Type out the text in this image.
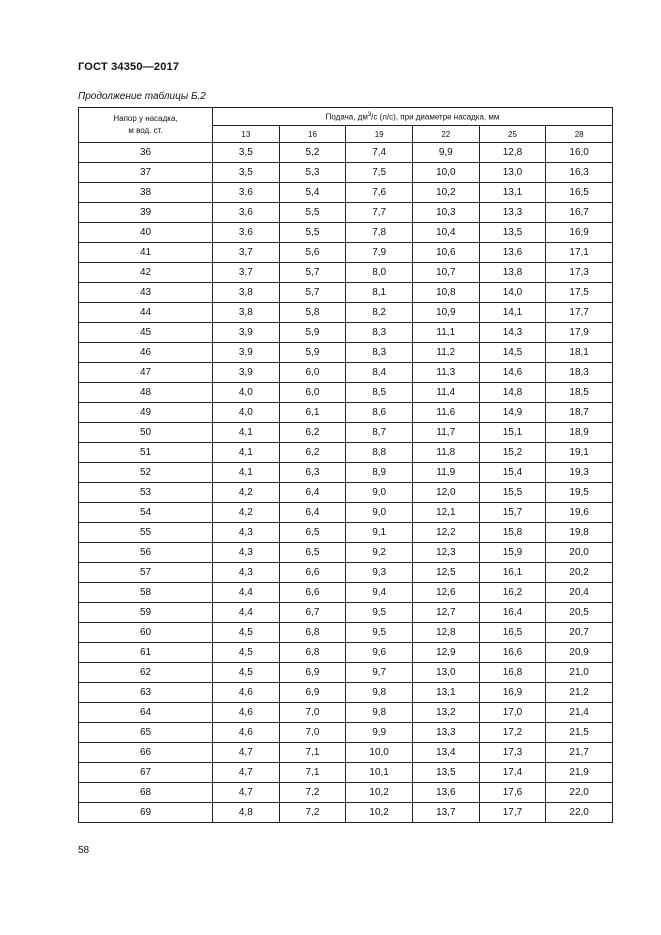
ГОСТ 34350—2017
Продолжение таблицы Б.2
Напор у насадка,
м вод. ст.	Подача, $дм^3/с$ (л/с), при диаметре насадка, мм					
	13	16	19	22	25	28
36	3,5	5,2	7,4	9,9	12,8	16,0
37	3,5	5,3	7,5	10,0	13,0	16,3
38	3,6	5,4	7,6	10,2	13,1	16,5
39	3,6	5,5	7,7	10,3	13,3	16,7
40	3,6	5,5	7,8	10,4	13,5	16,9
41	3,7	5,6	7,9	10,6	13,6	17,1
42	3,7	5,7	8,0	10,7	13,8	17,3
43	3,8	5,7	8,1	10,8	14,0	17,5
44	3,8	5,8	8,2	10,9	14,1	17,7
45	3,9	5,9	8,3	11,1	14,3	17,9
46	3,9	5,9	8,3	11,2	14,5	18,1
47	3,9	6,0	8,4	11,3	14,6	18,3
48	4,0	6,0	8,5	11,4	14,8	18,5
49	4,0	6,1	8,6	11,6	14,9	18,7
50	4,1	6,2	8,7	11,7	15,1	18,9
51	4,1	6,2	8,8	11,8	15,2	19,1
52	4,1	6,3	8,9	11,9	15,4	19,3
53	4,2	6,4	9,0	12,0	15,5	19,5
54	4,2	6,4	9,0	12,1	15,7	19,6
55	4,3	6,5	9,1	12,2	15,8	19,8
56	4,3	6,5	9,2	12,3	15,9	20,0
57	4,3	6,6	9,3	12,5	16,1	20,2
58	4,4	6,6	9,4	12,6	16,2	20,4
59	4,4	6,7	9,5	12,7	16,4	20,5
60	4,5	6,8	9,5	12,8	16,5	20,7
61	4,5	6,8	9,6	12,9	16,6	20,9
62	4,5	6,9	9,7	13,0	16,8	21,0
63	4,6	6,9	9,8	13,1	16,9	21,2
64	4,6	7,0	9,8	13,2	17,0	21,4
65	4,6	7,0	9,9	13,3	17,2	21,5
66	4,7	7,1	10,0	13,4	17,3	21,7
67	4,7	7,1	10,1	13,5	17,4	21,9
68	4,7	7,2	10,2	13,6	17,6	22,0
69	4,8	7,2	10,2	13,7	17,7	22,0
58
